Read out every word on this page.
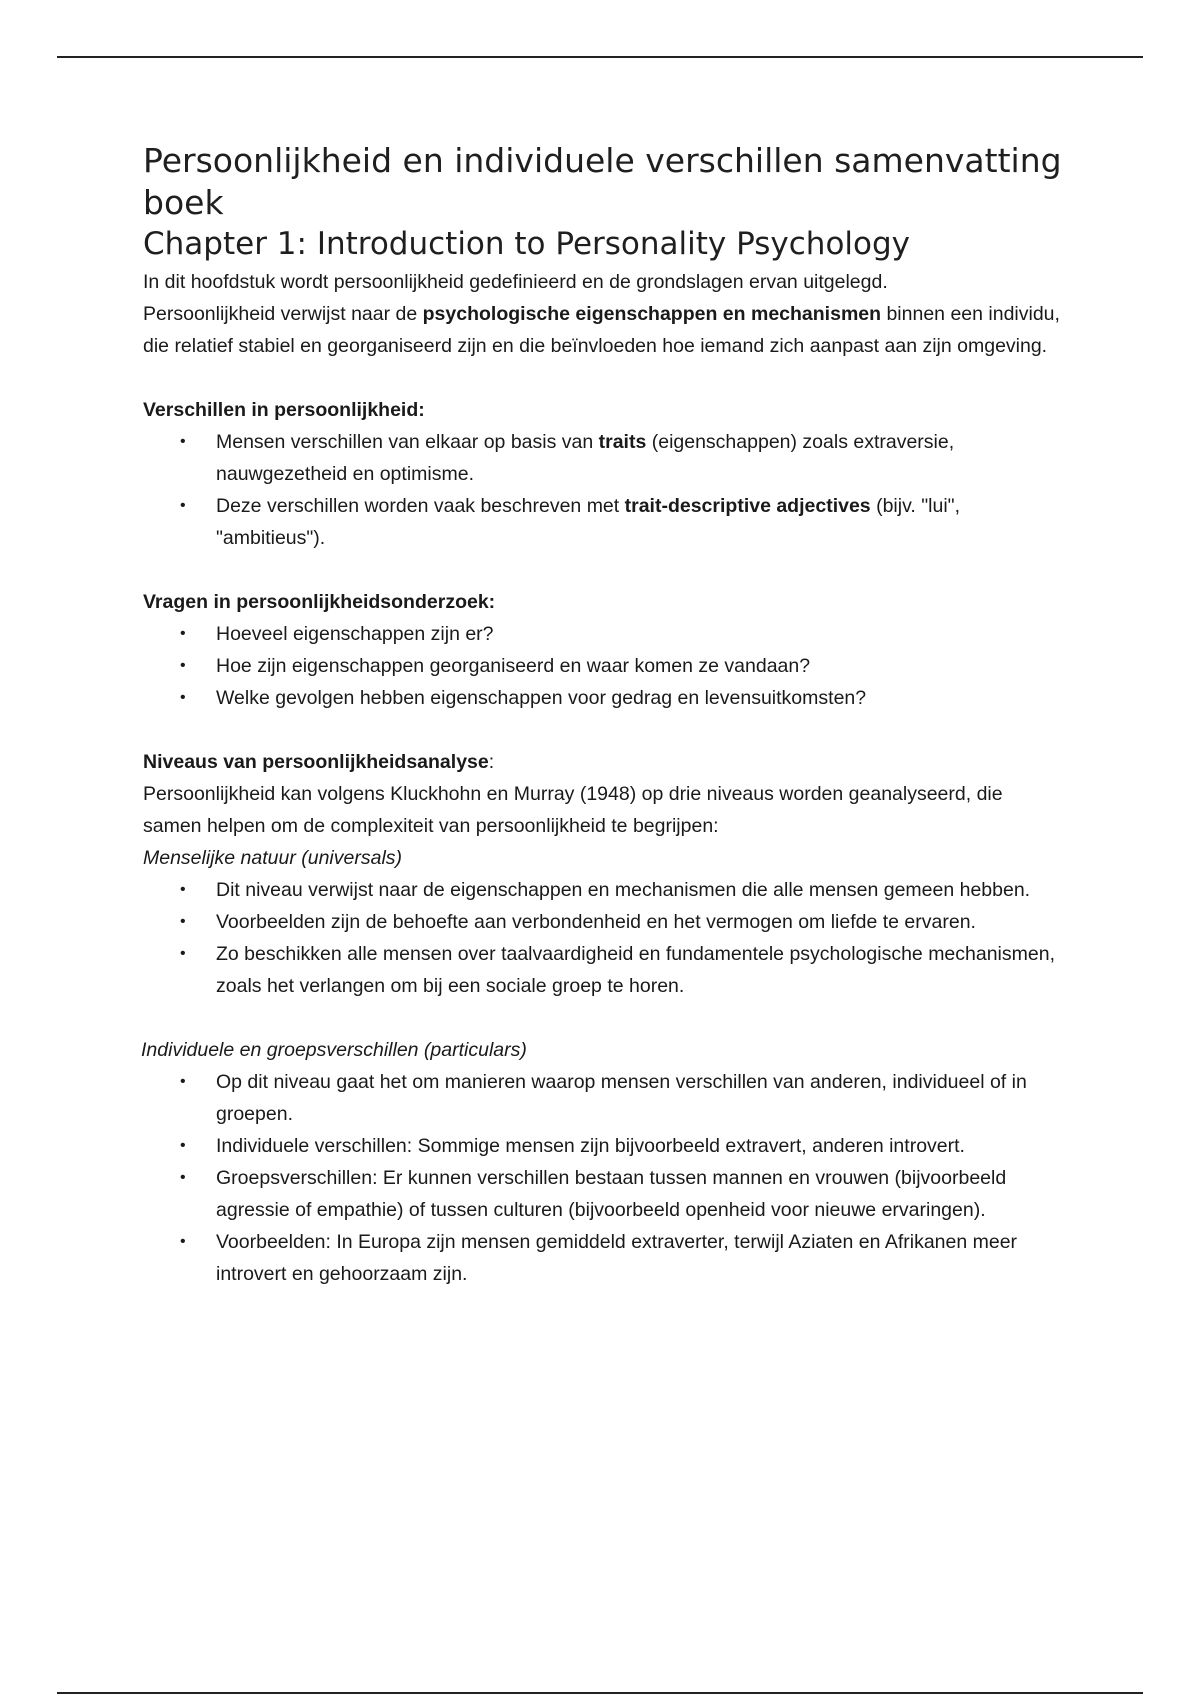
Persoonlijkheid en individuele verschillen samenvatting boek
Chapter 1: Introduction to Personality Psychology

In dit hoofdstuk wordt persoonlijkheid gedefinieerd en de grondslagen ervan uitgelegd.

Persoonlijkheid verwijst naar de psychologische eigenschappen en mechanismen binnen een individu, die relatief stabiel en georganiseerd zijn en die beïnvloeden hoe iemand zich aanpast aan zijn omgeving.

Verschillen in persoonlijkheid:

• Mensen verschillen van elkaar op basis van traits (eigenschappen) zoals extraversie, nauwgezetheid en optimisme.
• Deze verschillen worden vaak beschreven met trait-descriptive adjectives (bijv. "lui", "ambitieus").

Vragen in persoonlijkheidsonderzoek:

• Hoeveel eigenschappen zijn er?
• Hoe zijn eigenschappen georganiseerd en waar komen ze vandaan?
• Welke gevolgen hebben eigenschappen voor gedrag en levensuitkomsten?

Niveaus van persoonlijkheidsanalyse:

Persoonlijkheid kan volgens Kluckhohn en Murray (1948) op drie niveaus worden geanalyseerd, die samen helpen om de complexiteit van persoonlijkheid te begrijpen:

Menselijke natuur (universals)

• Dit niveau verwijst naar de eigenschappen en mechanismen die alle mensen gemeen hebben.
• Voorbeelden zijn de behoefte aan verbondenheid en het vermogen om liefde te ervaren.
• Zo beschikken alle mensen over taalvaardigheid en fundamentele psychologische mechanismen, zoals het verlangen om bij een sociale groep te horen.

Individuele en groepsverschillen (particulars)

• Op dit niveau gaat het om manieren waarop mensen verschillen van anderen, individueel of in groepen.
• Individuele verschillen: Sommige mensen zijn bijvoorbeeld extravert, anderen introvert.
• Groepsverschillen: Er kunnen verschillen bestaan tussen mannen en vrouwen (bijvoorbeeld agressie of empathie) of tussen culturen (bijvoorbeeld openheid voor nieuwe ervaringen).
• Voorbeelden: In Europa zijn mensen gemiddeld extraverter, terwijl Aziaten en Afrikanen meer introvert en gehoorzaam zijn.
